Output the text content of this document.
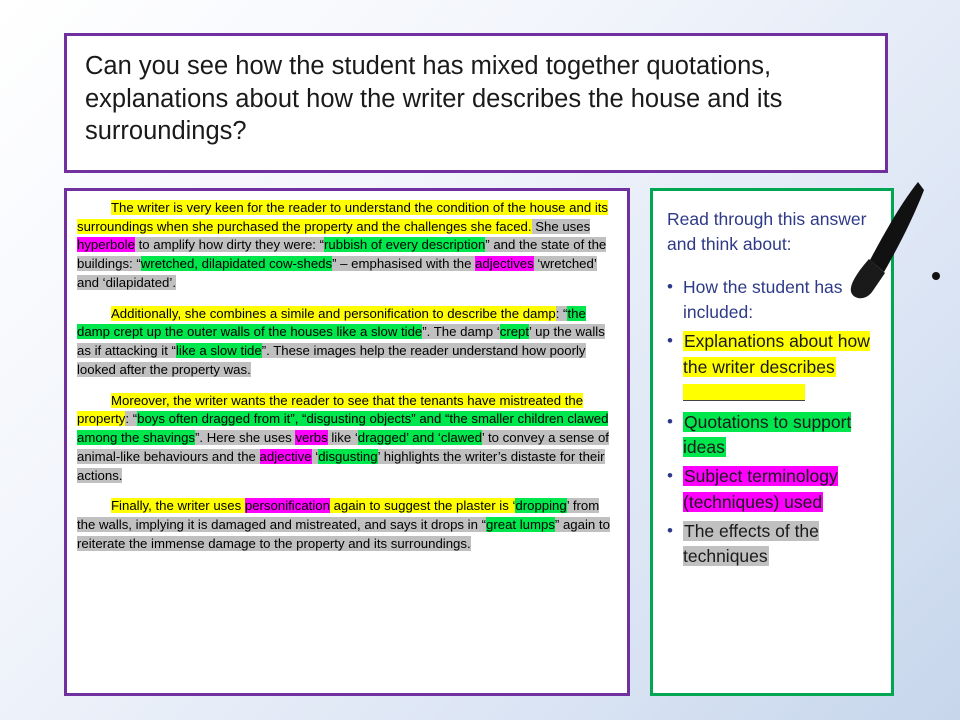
Can you see how the student has mixed together quotations, explanations about how the writer describes the house and its surroundings?

The writer is very keen for the reader to understand the condition of the house and its surroundings when she purchased the property and the challenges she faced. She uses hyperbole to amplify how dirty they were: “rubbish of every description” and the state of the buildings: “wretched, dilapidated cow-sheds” – emphasised with the adjectives ‘wretched’ and ‘dilapidated’.

Additionally, she combines a simile and personification to describe the damp: “the damp crept up the outer walls of the houses like a slow tide”. The damp ‘crept’ up the walls as if attacking it “like a slow tide”. These images help the reader understand how poorly looked after the property was.

Moreover, the writer wants the reader to see that the tenants have mistreated the property: “boys often dragged from it”, “disgusting objects” and “the smaller children clawed among the shavings”. Here she uses verbs like ‘dragged’ and ‘clawed’ to convey a sense of animal-like behaviours and the adjective ‘disgusting’ highlights the writer’s distaste for their actions.

Finally, the writer uses personification again to suggest the plaster is ‘dropping’ from the walls, implying it is damaged and mistreated, and says it drops in “great lumps” again to reiterate the immense damage to the property and its surroundings.

Read through this answer and think about:

• How the student has included:
• Explanations about how the writer describes
• Quotations to support ideas
• Subject terminology (techniques) used
• The effects of the techniques
